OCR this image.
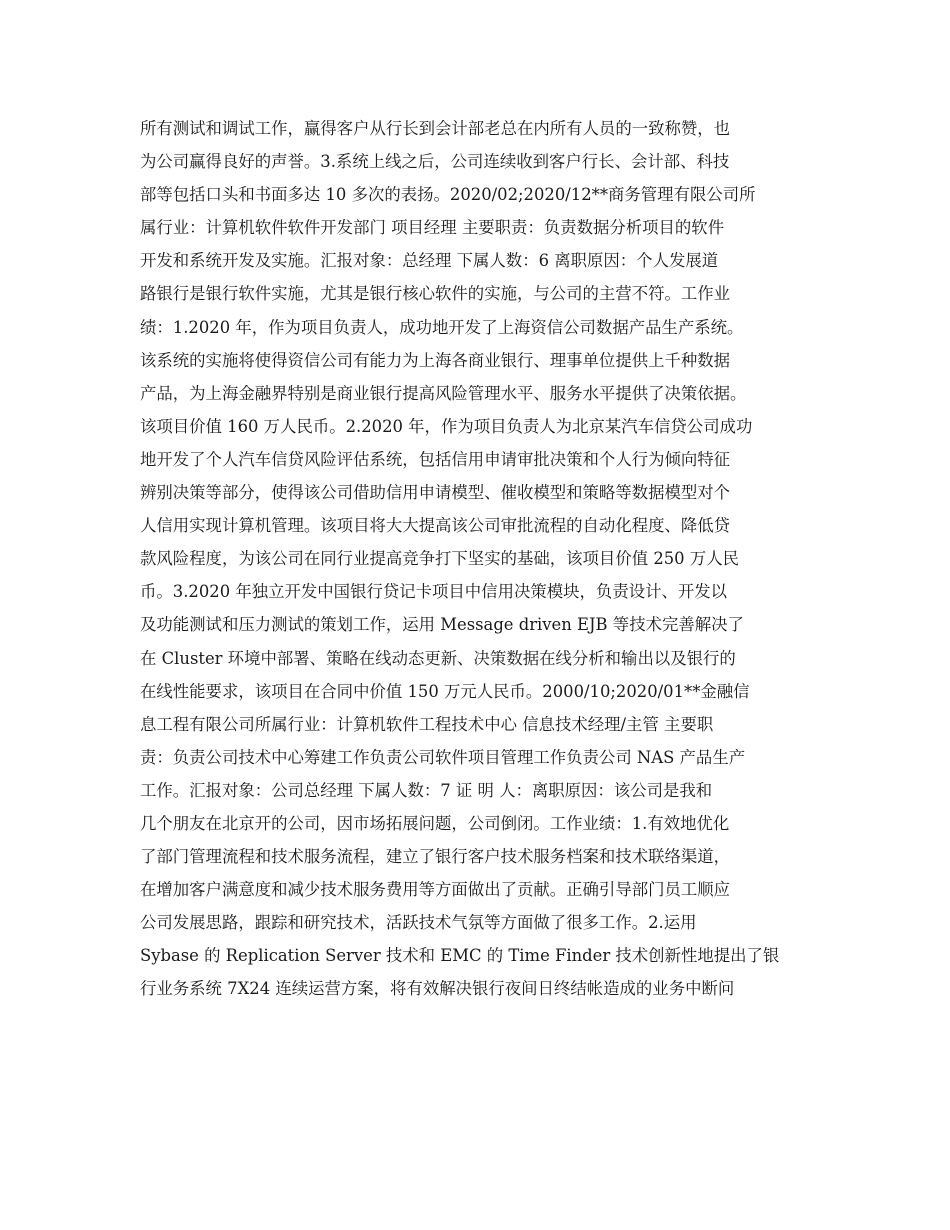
所有测试和调试工作，赢得客户从行长到会计部老总在内所有人员的一致称赞，也
为公司赢得良好的声誉。3.系统上线之后，公司连续收到客户行长、会计部、科技
部等包括口头和书面多达 10 多次的表扬。2020/02;2020/12**商务管理有限公司所
属行业：计算机软件软件开发部门 项目经理 主要职责：负责数据分析项目的软件
开发和系统开发及实施。汇报对象：总经理 下属人数：6 离职原因：个人发展道
路银行是银行软件实施，尤其是银行核心软件的实施，与公司的主营不符。工作业
绩：1.2020 年，作为项目负责人，成功地开发了上海资信公司数据产品生产系统。
该系统的实施将使得资信公司有能力为上海各商业银行、理事单位提供上千种数据
产品，为上海金融界特别是商业银行提高风险管理水平、服务水平提供了决策依据。
该项目价值 160 万人民币。2.2020 年，作为项目负责人为北京某汽车信贷公司成功
地开发了个人汽车信贷风险评估系统，包括信用申请审批决策和个人行为倾向特征
辨别决策等部分，使得该公司借助信用申请模型、催收模型和策略等数据模型对个
人信用实现计算机管理。该项目将大大提高该公司审批流程的自动化程度、降低贷
款风险程度，为该公司在同行业提高竞争打下坚实的基础，该项目价值 250 万人民
币。3.2020 年独立开发中国银行贷记卡项目中信用决策模块，负责设计、开发以
及功能测试和压力测试的策划工作，运用 Message driven EJB 等技术完善解决了
在 Cluster 环境中部署、策略在线动态更新、决策数据在线分析和输出以及银行的
在线性能要求，该项目在合同中价值 150 万元人民币。2000/10;2020/01**金融信
息工程有限公司所属行业：计算机软件工程技术中心 信息技术经理/主管 主要职
责：负责公司技术中心筹建工作负责公司软件项目管理工作负责公司 NAS 产品生产
工作。汇报对象：公司总经理 下属人数：7 证 明 人：离职原因：该公司是我和
几个朋友在北京开的公司，因市场拓展问题，公司倒闭。工作业绩：1.有效地优化
了部门管理流程和技术服务流程，建立了银行客户技术服务档案和技术联络渠道，
在增加客户满意度和减少技术服务费用等方面做出了贡献。正确引导部门员工顺应
公司发展思路，跟踪和研究技术，活跃技术气氛等方面做了很多工作。2.运用
Sybase 的 Replication Server 技术和 EMC 的 Time Finder 技术创新性地提出了银
行业务系统 7X24 连续运营方案，将有效解决银行夜间日终结帐造成的业务中断问
